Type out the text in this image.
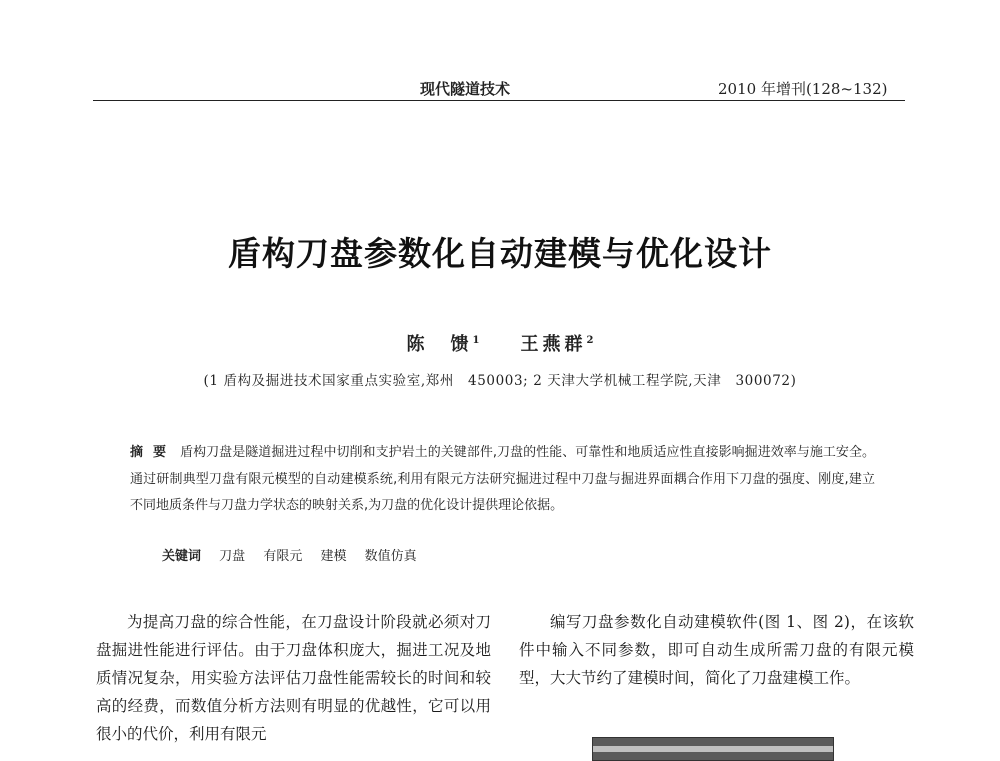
现代隧道技术	2010 年增刊(128~132)
盾构刀盘参数化自动建模与优化设计
陈　馈$^1$ 王燕群$^2$
(1 盾构及掘进技术国家重点实验室,郑州　450003; 2 天津大学机械工程学院,天津　300072)
摘要 盾构刀盘是隧道掘进过程中切削和支护岩土的关键部件,刀盘的性能、可靠性和地质适应性直接影响掘进效率与施工安全。通过研制典型刀盘有限元模型的自动建模系统,利用有限元方法研究掘进过程中刀盘与掘进界面耦合作用下刀盘的强度、刚度,建立不同地质条件与刀盘力学状态的映射关系,为刀盘的优化设计提供理论依据。
关键词 刀盘 有限元 建模 数值仿真

为提高刀盘的综合性能，在刀盘设计阶段就必须对刀盘掘进性能进行评估。由于刀盘体积庞大，掘进工况及地质情况复杂，用实验方法评估刀盘性能需较长的时间和较高的经费，而数值分析方法则有明显的优越性，它可以用很小的代价，利用有限元

编写刀盘参数化自动建模软件(图 1、图 2)，在该软件中输入不同参数，即可自动生成所需刀盘的有限元模型，大大节约了建模时间，简化了刀盘建模工作。
